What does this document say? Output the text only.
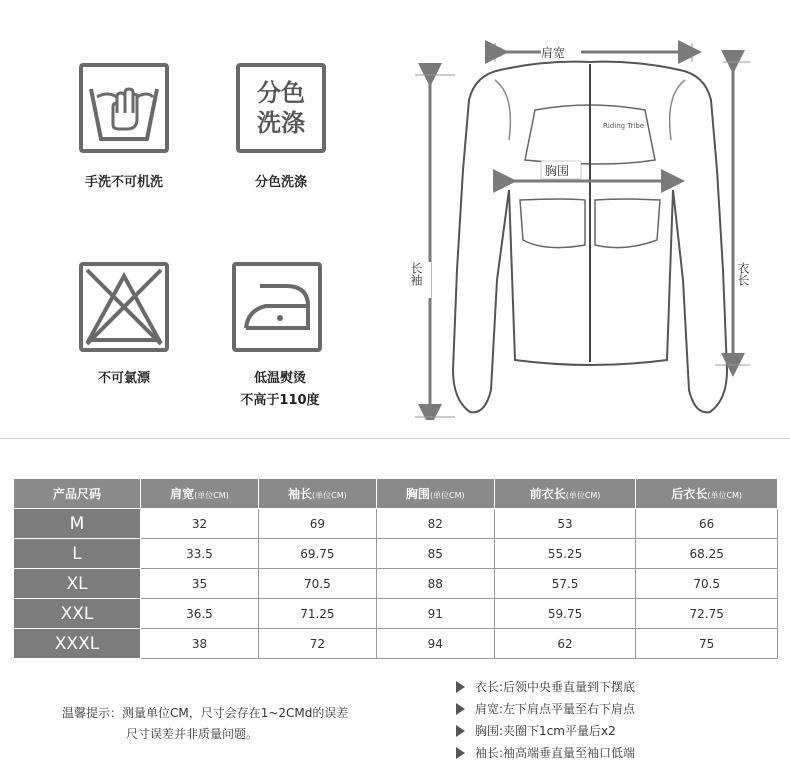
手洗不可机洗
分色
洗涤
分色洗涤
不可氯漂	低温熨烫
不高于110度
Riding Tribe
肩宽
胸围
长袖	衣长
产品尺码	肩宽(单位CM)	袖长(单位CM)	胸围(单位CM)	前衣长(单位CM)	后衣长(单位CM)
M	32	69	82	53	66
L	33.5	69.75	85	55.25	68.25
XL	35	70.5	88	57.5	70.5
XXL	36.5	71.25	91	59.75	72.75
XXXL	38	72	94	62	75
温馨提示：测量单位CM，尺寸会存在1~2CMd的误差
尺寸误差并非质量问题。
衣长:后领中央垂直量到下摆底
肩宽:左下肩点平量至右下肩点
胸围:夹圈下1cm平量后x2
袖长:袖高端垂直量至袖口低端
